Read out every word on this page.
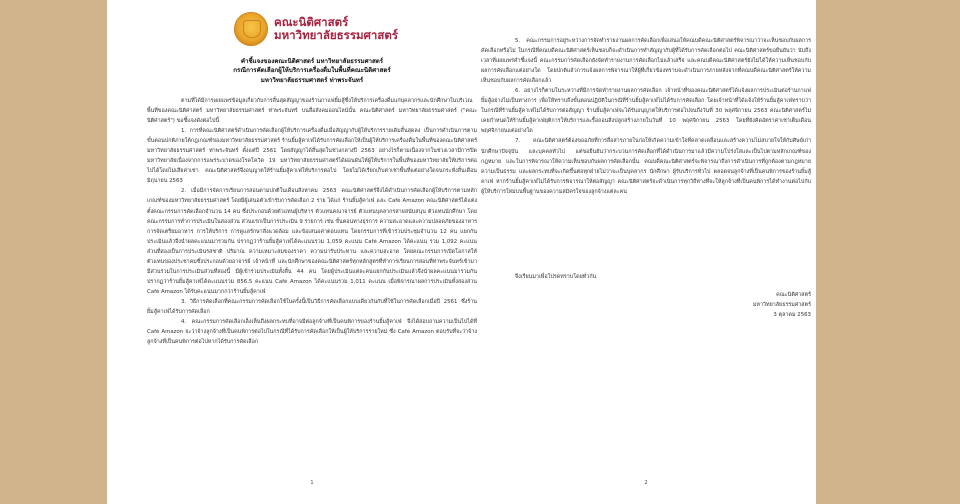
คณะนิติศาสตร์
มหาวิทยาลัยธรรมศาสตร์
คำชี้แจงของคณะนิติศาสตร์ มหาวิทยาลัยธรรมศาสตร์
กรณีการคัดเลือกผู้ให้บริการเครื่องดื่มในพื้นที่คณะนิติศาสตร์
มหาวิทยาลัยธรรมศาสตร์ ท่าพระจันทร์

ตามที่ได้มีการเผยแพร่ข้อมูลเกี่ยวกับการสิ้นสุดสัญญาของร้านกาแฟยิ้มสู้ซึ่งให้บริการเครื่องดื่มแก่บุคลากรและนักศึกษาในบริเวณพื้นที่ของคณะนิติศาสตร์ มหาวิทยาลัยธรรมศาสตร์ ท่าพระจันทร์ บนสื่อสังคมออนไลน์นั้น คณะนิติศาสตร์ มหาวิทยาลัยธรรมศาสตร์ ("คณะนิติศาสตร์") ขอชี้แจงดังต่อไปนี้

1. การที่คณะนิติศาสตร์ดำเนินการคัดเลือกผู้ให้บริการเครื่องดื่มเมื่อสัญญากับผู้ให้บริการรายเดิมสิ้นสุดลง เป็นการดำเนินการตามขั้นตอนปกติภายใต้กฎเกณฑ์ของมหาวิทยาลัยธรรมศาสตร์ ร้านยิ้มสู้คาเฟ่ได้รับการคัดเลือกให้เป็นผู้ให้บริการเครื่องดื่มในพื้นที่ของคณะนิติศาสตร์ มหาวิทยาลัยธรรมศาสตร์ ท่าพระจันทร์ ตั้งแต่ปี 2561 โดยสัญญาได้สิ้นสุดในช่วงกลางปี 2563 อย่างไรก็ตามเนื่องจากในช่วงเวลามีการปิดมหาวิทยาลัยเนื่องจากการแพร่ระบาดของโรคโควิด 19 มหาวิทยาลัยธรรมศาสตร์ได้ผ่อนผันให้ผู้ให้บริการในพื้นที่ของมหาวิทยาลัยให้บริการต่อไปได้โดยไม่เสียค่าเช่า คณะนิติศาสตร์จึงอนุญาตให้ร้านยิ้มสู้คาเฟ่ให้บริการต่อไป โดยไม่ได้เรียกเก็บค่าเช่าพื้นที่แต่อย่างใดจนกระทั่งสิ้นเดือนมิถุนายน 2563

2. เมื่อมีการจัดการเรียนการสอนตามปกติในเดือนสิงหาคม 2563 คณะนิติศาสตร์จึงได้ดำเนินการคัดเลือกผู้ให้บริการตามหลักเกณฑ์ของมหาวิทยาลัยธรรมศาสตร์ โดยมีผู้เสนอตัวเข้ารับการคัดเลือก 2 ราย ได้แก่ ร้านยิ้มสู้คาเฟ่ และ Café Amazon คณะนิติศาสตร์ได้แต่งตั้งคณะกรรมการคัดเลือกจำนวน 14 คน ซึ่งประกอบด้วยตัวแทนผู้บริหาร ตัวแทนคณาจารย์ ตัวแทนบุคลากรสายสนับสนุน ตัวแทนนักศึกษา โดยคณะกรรมการทำการประเมินในสองส่วน ส่วนแรกเป็นการประเมิน 9 รายการ เช่น ขั้นตอนทางธุรการ ความสะอาดและความปลอดภัยของอาหาร การจัดเตรียมอาหาร การให้บริการ การดูแลรักษาสิ่งแวดล้อม และข้อเสนอค่าตอบแทน โดยกรรมการที่เข้าร่วมประชุมจำนวน 12 คน แยกกันประเมินแล้วจึงนำผลคะแนนมารวมกัน ปรากฏว่าร้านยิ้มสู้คาเฟ่ได้คะแนนรวม 1,059 คะแนน Café Amazon ได้คะแนน รวม 1,092 คะแนน ส่วนที่สองเป็นการประเมินรสชาติ ปริมาณ ความเหมาะสมของราคา ความน่ารับประทาน และความสะอาด โดยคณะกรรมการเปิดโอกาสให้ตัวแทนของประชาคมซึ่งประกอบด้วยอาจารย์ เจ้าหน้าที่ และนักศึกษาของคณะนิติศาสตร์ทุกหลักสูตรที่ทำการเรียนการสอนที่ท่าพระจันทร์เข้ามามีส่วนร่วมในการประเมินส่วนที่สองนี้ มีผู้เข้าร่วมประเมินทั้งสิ้น 44 คน โดยผู้ประเมินแต่ละคนแยกกันประเมินแล้วจึงนำผลคะแนนมารวมกัน ปรากฏว่าร้านยิ้มสู้คาเฟ่ได้คะแนนรวม 856.5 คะแนน Café Amazon ได้คะแนนรวม 1,011 คะแนน เมื่อพิจารณาผลการประเมินทั้งสองส่วน Café Amazon ได้รับคะแนนมากกว่าร้านยิ้มสู้คาเฟ่

3. วิธีการคัดเลือกที่คณะกรรมการคัดเลือกใช้ในครั้งนี้เป็นวิธีการคัดเลือกแบบเดียวกันกับที่ใช้ในการคัดเลือกเมื่อปี 2561 ซึ่งร้านยิ้มสู้คาเฟ่ได้รับการคัดเลือก

4. คณะกรรมการคัดเลือกเล็งเห็นถึงผลกระทบที่อาจมีต่อลูกจ้างที่เป็นคนพิการของร้านยิ้มสู้คาเฟ่ จึงได้สอบถามความเป็นไปได้ที่ Café Amazon จะว่าจ้างลูกจ้างที่เป็นคนพิการต่อไปในกรณีที่ได้รับการคัดเลือกให้เป็นผู้ให้บริการรายใหม่ ซึ่ง Café Amazon ตอบรับที่จะว่าจ้างลูกจ้างที่เป็นคนพิการต่อไปหากได้รับการคัดเลือก

1

5. คณะกรรมการอยู่ระหว่างการจัดทำรายงานผลการคัดเลือกเพื่อเสนอให้คณบดีคณะนิติศาสตร์พิจารณาว่าจะเห็นชอบกับผลการคัดเลือกหรือไม่ ในกรณีที่คณบดีคณะนิติศาสตร์เห็นชอบก็จะดำเนินการทำสัญญากับผู้ที่ได้รับการคัดเลือกต่อไป คณะนิติศาสตร์ขอยืนยันว่า นับถึงเวลาที่เผยแพร่คำชี้แจงนี้ คณะกรรมการคัดเลือกยังจัดทำรายงานการคัดเลือกไม่แล้วเสร็จ และคณบดีคณะนิติศาสตร์ยังไม่ได้ให้ความเห็นชอบกับผลการคัดเลือกแต่อย่างใด โดยปกติแล้วการแจ้งผลการพิจารณาให้ผู้ที่เกี่ยวข้องทราบจะดำเนินการภายหลังจากที่คณบดีคณะนิติศาสตร์ให้ความเห็นชอบกับผลการคัดเลือกแล้ว

6. อย่างไรก็ตามในระหว่างที่มีการจัดทำรายงานผลการคัดเลือก เจ้าหน้าที่ของคณะนิติศาสตร์ได้แจ้งผลการประเมินต่อร้านกาแฟยิ้มสู้อย่างไม่เป็นทางการ เพื่อให้ทราบถึงขั้นตอนปฏิบัติในกรณีที่ร้านยิ้มสู้คาเฟ่ไม่ได้รับการคัดเลือก โดยเจ้าหน้าที่ได้แจ้งให้ร้านยิ้มสู้คาเฟ่ทราบว่า ในกรณีที่ร้านยิ้มสู้คาเฟ่ไม่ได้รับการต่อสัญญา ร้านยิ้มสู้คาเฟ่จะได้รับอนุญาตให้บริการต่อไปจนถึงวันที่ 30 พฤศจิกายน 2563 คณะนิติศาสตร์ไม่เคยกำหนดให้ร้านยิ้มสู้คาเฟ่ยุติการให้บริการและรื้อถอนสิ่งปลูกสร้างภายในวันที่ 10 พฤศจิกายน 2563 โดยที่ยังคิดอัตราค่าเช่าเต็มเดือนพฤศจิกายนแต่อย่างใด

7. คณะนิติศาสตร์ต้องขออภัยที่การสื่อสารภายในก่อให้เกิดความเข้าใจที่คลาดเคลื่อนและสร้างความไม่สบายใจให้กับศิษย์เก่า นักศึกษาปัจจุบัน และบุคคลทั่วไป แต่ขอยืนยันว่ากระบวนการคัดเลือกที่ได้ดำเนินการมาแล้วมีความโปร่งใสและเป็นไปตามหลักเกณฑ์ของกฎหมาย และในการพิจารณาให้ความเห็นชอบกับผลการคัดเลือกนั้น คณบดีคณะนิติศาสตร์จะพิจารณาถึงการดำเนินการที่ถูกต้องตามกฎหมาย ความเป็นธรรม และผลกระทบที่จะเกิดขึ้นต่อทุกฝ่ายไม่ว่าจะเป็นบุคลากร นักศึกษา ผู้รับบริการทั่วไป ตลอดจนลูกจ้างที่เป็นคนพิการของร้านยิ้มสู้คาเฟ่ หากร้านยิ้มสู้คาเฟ่ไม่ได้รับการพิจารณาให้ต่อสัญญา คณะนิติศาสตร์จะดำเนินการทุกวิถีทางที่จะให้ลูกจ้างที่เป็นคนพิการได้ทำงานต่อไปกับผู้ให้บริการใหม่บนพื้นฐานของความสมัครใจของลูกจ้างแต่ละคน

จึงเรียนมาเพื่อโปรดทราบโดยทั่วกัน
คณะนิติศาสตร์
มหาวิทยาลัยธรรมศาสตร์
3 ตุลาคม 2563
2
